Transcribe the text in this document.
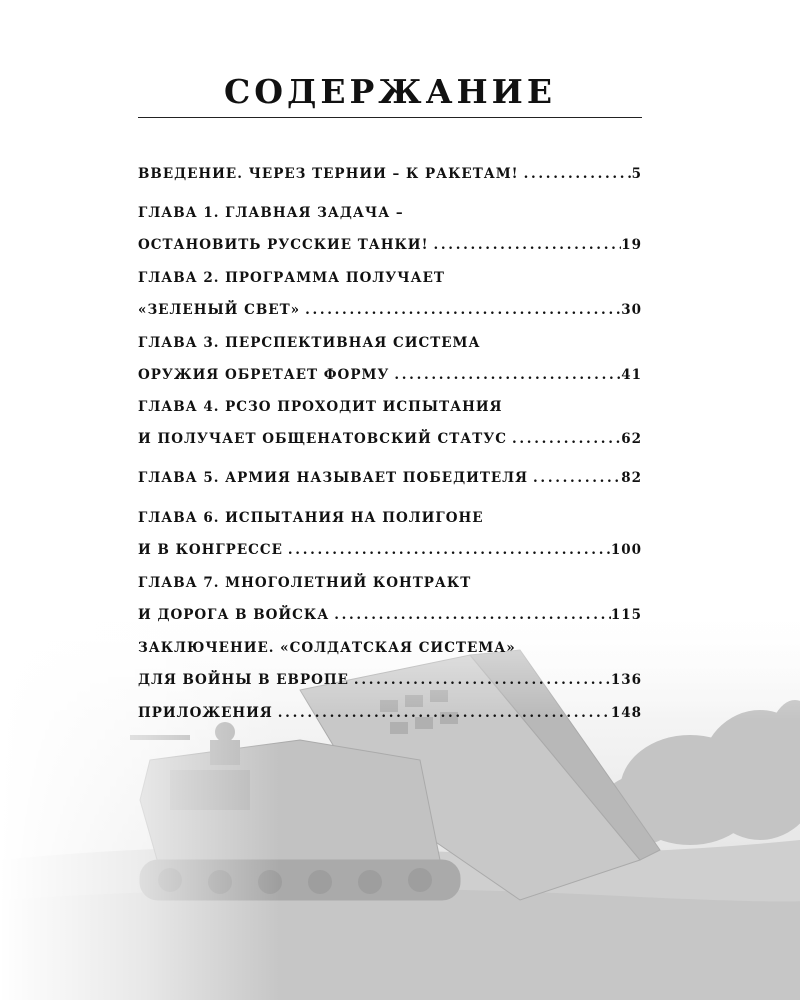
СОДЕРЖАНИЕ
ВВЕДЕНИЕ. ЧЕРЕЗ ТЕРНИИ – К РАКЕТАМ! . . .	5
ГЛАВА 1. ГЛАВНАЯ ЗАДАЧА –
ОСТАНОВИТЬ РУССКИЕ ТАНКИ! . . .	19
ГЛАВА 2. ПРОГРАММА ПОЛУЧАЕТ
«ЗЕЛЕНЫЙ СВЕТ» . . .	30
ГЛАВА 3. ПЕРСПЕКТИВНАЯ СИСТЕМА
ОРУЖИЯ ОБРЕТАЕТ ФОРМУ . . .	41
ГЛАВА 4. РСЗО ПРОХОДИТ ИСПЫТАНИЯ
И ПОЛУЧАЕТ ОБЩЕНАТОВСКИЙ СТАТУС . . .	62
ГЛАВА 5. АРМИЯ НАЗЫВАЕТ ПОБЕДИТЕЛЯ . . .	82
ГЛАВА 6. ИСПЫТАНИЯ НА ПОЛИГОНЕ
И В КОНГРЕССЕ . . .	100
ГЛАВА 7. МНОГОЛЕТНИЙ КОНТРАКТ
И ДОРОГА В ВОЙСКА . . .	115
ЗАКЛЮЧЕНИЕ. «СОЛДАТСКАЯ СИСТЕМА»
ДЛЯ ВОЙНЫ В ЕВРОПЕ . . .	136
ПРИЛОЖЕНИЯ . . .	148
